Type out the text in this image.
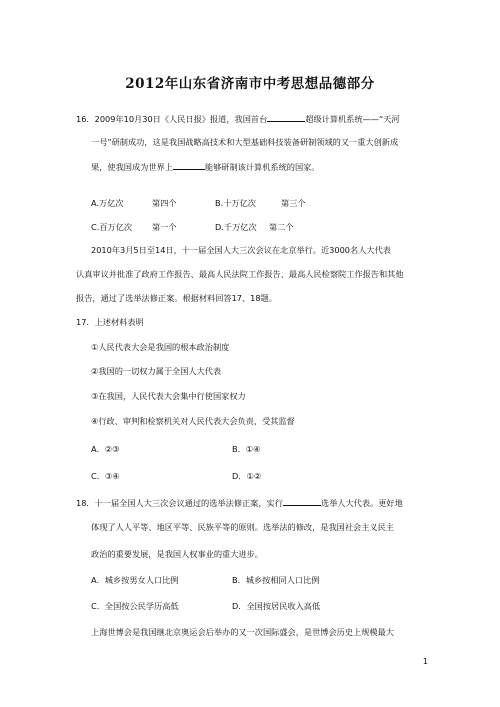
2012年山东省济南市中考思想品德部分
16．2009年10月30日《人民日报》报道，我国首台	超级计算机系统——“天河
一号”研制成功，这是我国战略高技术和大型基础科技装备研制领域的又一重大创新成
果，使我国成为世界上	能够研制该计算机系统的国家。
A.万亿次	第四个	B.十万亿次	第三个
C.百万亿次 第一个	D.千万亿次 第二个
2010年3月5日至14日，十一届全国人大三次会议在北京举行。近3000名人大代表
认真审议并批准了政府工作报告、最高人民法院工作报告、最高人民检察院工作报告和其他
报告，通过了选举法修正案。根据材料回答17、18题。
17．上述材料表明
①人民代表大会是我国的根本政治制度
②我国的一切权力属于全国人大代表
③在我国，人民代表大会集中行使国家权力
④行政、审判和检察机关对人民代表大会负责，受其监督
A．②③	B．①④
C．③④	D．①②
18．十一届全国人大三次会议通过的选举法修正案，实行	选举人大代表。更好地
体现了人人平等、地区平等、民族平等的原则。选举法的修改，是我国社会主义民主
政治的重要发展，是我国人权事业的重大进步。
A．城乡按男女人口比例	B．城乡按相同人口比例
C．全国按公民学历高低	D．全国按居民收入高低
上海世博会是我国继北京奥运会后举办的又一次国际盛会，是世博会历史上规模最大
1
